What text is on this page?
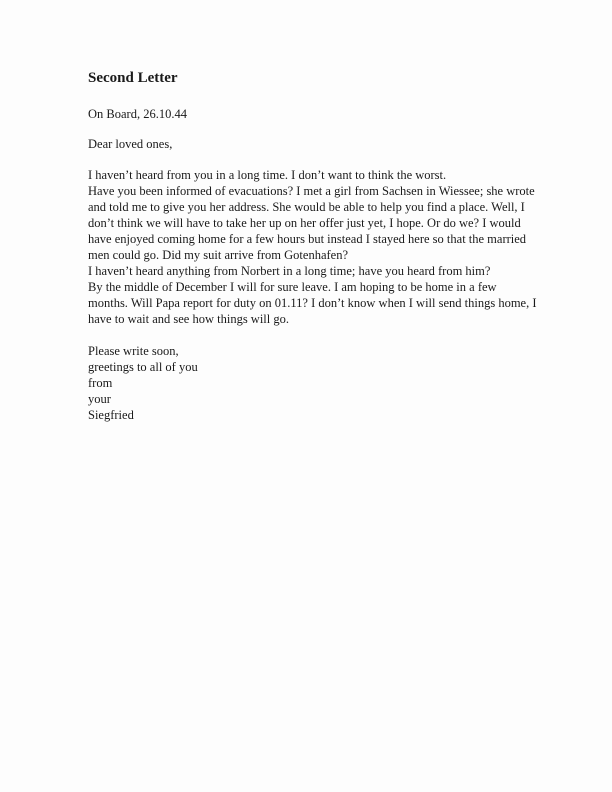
Second Letter
On Board, 26.10.44
Dear loved ones,
I haven’t heard from you in a long time. I don’t want to think the worst.
Have you been informed of evacuations? I met a girl from Sachsen in Wiessee; she wrote
and told me to give you her address. She would be able to help you find a place. Well, I
don’t think we will have to take her up on her offer just yet, I hope. Or do we? I would
have enjoyed coming home for a few hours but instead I stayed here so that the married
men could go. Did my suit arrive from Gotenhafen?
I haven’t heard anything from Norbert in a long time; have you heard from him?
By the middle of December I will for sure leave. I am hoping to be home in a few
months. Will Papa report for duty on 01.11? I don’t know when I will send things home, I
have to wait and see how things will go.
Please write soon,
greetings to all of you
from
your
Siegfried
